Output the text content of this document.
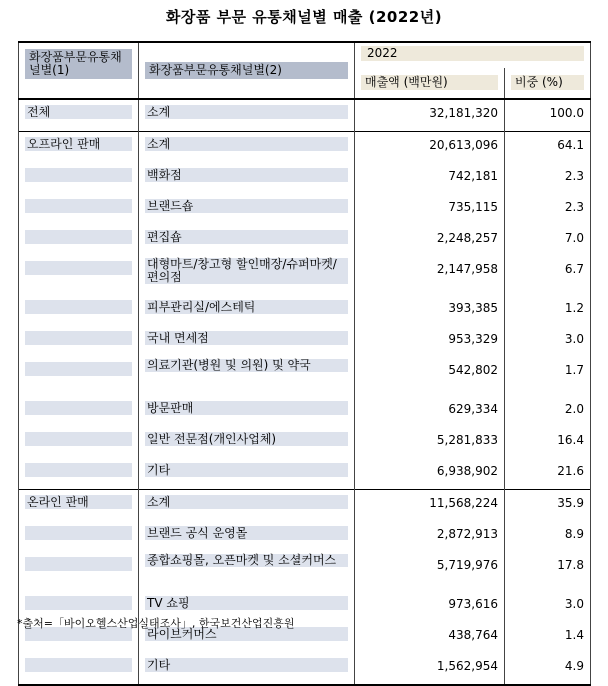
화장품 부문 유통채널별 매출 (2022년)
화장품부문유통채널별(1)	화장품부문유통채널별(2)	2022	

		매출액 (백만원)	비중 (%)

전체	소계	32,181,320	100.0

오프라인 판매	소계	20,613,096	64.1

	백화점	742,181	2.3

	브랜드숍	735,115	2.3

	편집숍	2,248,257	7.0

	대형마트/창고형 할인매장/슈퍼마켓/편의점	2,147,958	6.7

	피부관리실/에스테틱	393,385	1.2

	국내 면세점	953,329	3.0

	의료기관(병원 및 의원) 및 약국	542,802	1.7

	방문판매	629,334	2.0

	일반 전문점(개인사업체)	5,281,833	16.4

	기타	6,938,902	21.6

온라인 판매	소계	11,568,224	35.9

	브랜드 공식 운영몰	2,872,913	8.9

	종합쇼핑몰, 오픈마켓 및 소셜커머스	5,719,976	17.8

	TV 쇼핑	973,616	3.0

	라이브커머스	438,764	1.4

	기타	1,562,954	4.9
*출처=「바이오헬스산업실태조사」, 한국보건산업진흥원
